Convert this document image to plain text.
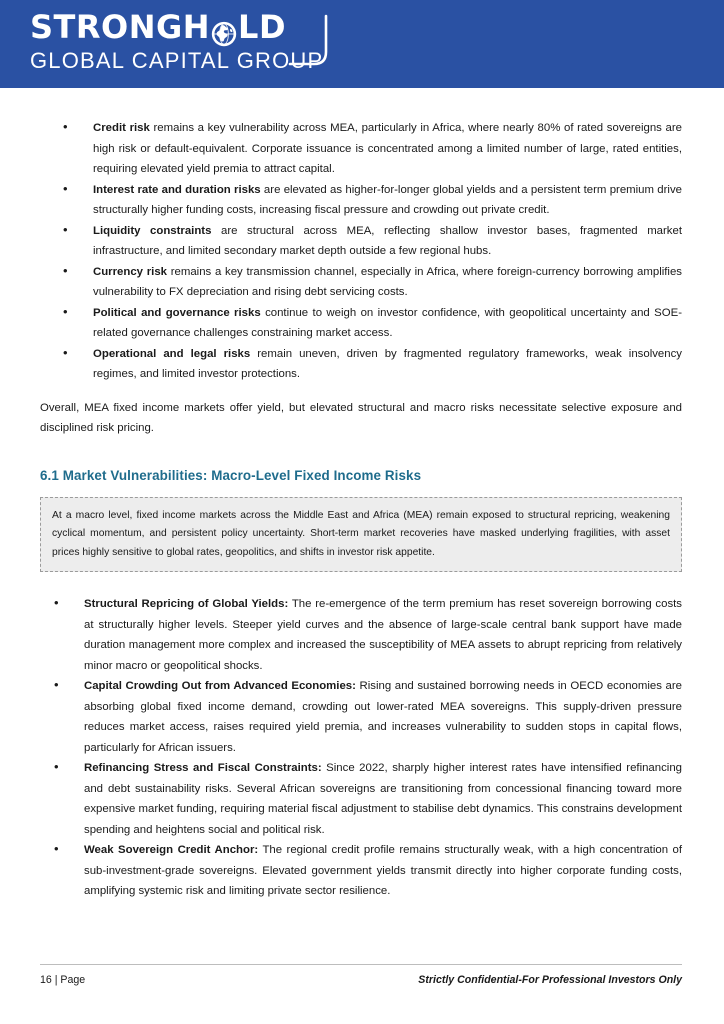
STRONGH LD
GLOBAL CAPITAL GROUP
• Credit risk remains a key vulnerability across MEA, particularly in Africa, where nearly 80% of rated sovereigns are high risk or default-equivalent. Corporate issuance is concentrated among a limited number of large, rated entities, requiring elevated yield premia to attract capital.
• Interest rate and duration risks are elevated as higher-for-longer global yields and a persistent term premium drive structurally higher funding costs, increasing fiscal pressure and crowding out private credit.
• Liquidity constraints are structural across MEA, reflecting shallow investor bases, fragmented market infrastructure, and limited secondary market depth outside a few regional hubs.
• Currency risk remains a key transmission channel, especially in Africa, where foreign-currency borrowing amplifies vulnerability to FX depreciation and rising debt servicing costs.
• Political and governance risks continue to weigh on investor confidence, with geopolitical uncertainty and SOE-related governance challenges constraining market access.
• Operational and legal risks remain uneven, driven by fragmented regulatory frameworks, weak insolvency regimes, and limited investor protections.
Overall, MEA fixed income markets offer yield, but elevated structural and macro risks necessitate selective exposure and disciplined risk pricing.
6.1 Market Vulnerabilities: Macro-Level Fixed Income Risks

At a macro level, fixed income markets across the Middle East and Africa (MEA) remain exposed to structural repricing, weakening cyclical momentum, and persistent policy uncertainty. Short-term market recoveries have masked underlying fragilities, with asset prices highly sensitive to global rates, geopolitics, and shifts in investor risk appetite.

• Structural Repricing of Global Yields: The re-emergence of the term premium has reset sovereign borrowing costs at structurally higher levels. Steeper yield curves and the absence of large-scale central bank support have made duration management more complex and increased the susceptibility of MEA assets to abrupt repricing from relatively minor macro or geopolitical shocks.
• Capital Crowding Out from Advanced Economies: Rising and sustained borrowing needs in OECD economies are absorbing global fixed income demand, crowding out lower-rated MEA sovereigns. This supply-driven pressure reduces market access, raises required yield premia, and increases vulnerability to sudden stops in capital flows, particularly for African issuers.
• Refinancing Stress and Fiscal Constraints: Since 2022, sharply higher interest rates have intensified refinancing and debt sustainability risks. Several African sovereigns are transitioning from concessional financing toward more expensive market funding, requiring material fiscal adjustment to stabilise debt dynamics. This constrains development spending and heightens social and political risk.
• Weak Sovereign Credit Anchor: The regional credit profile remains structurally weak, with a high concentration of sub-investment-grade sovereigns. Elevated government yields transmit directly into higher corporate funding costs, amplifying systemic risk and limiting private sector resilience.
16 | Page	Strictly Confidential-For Professional Investors Only
